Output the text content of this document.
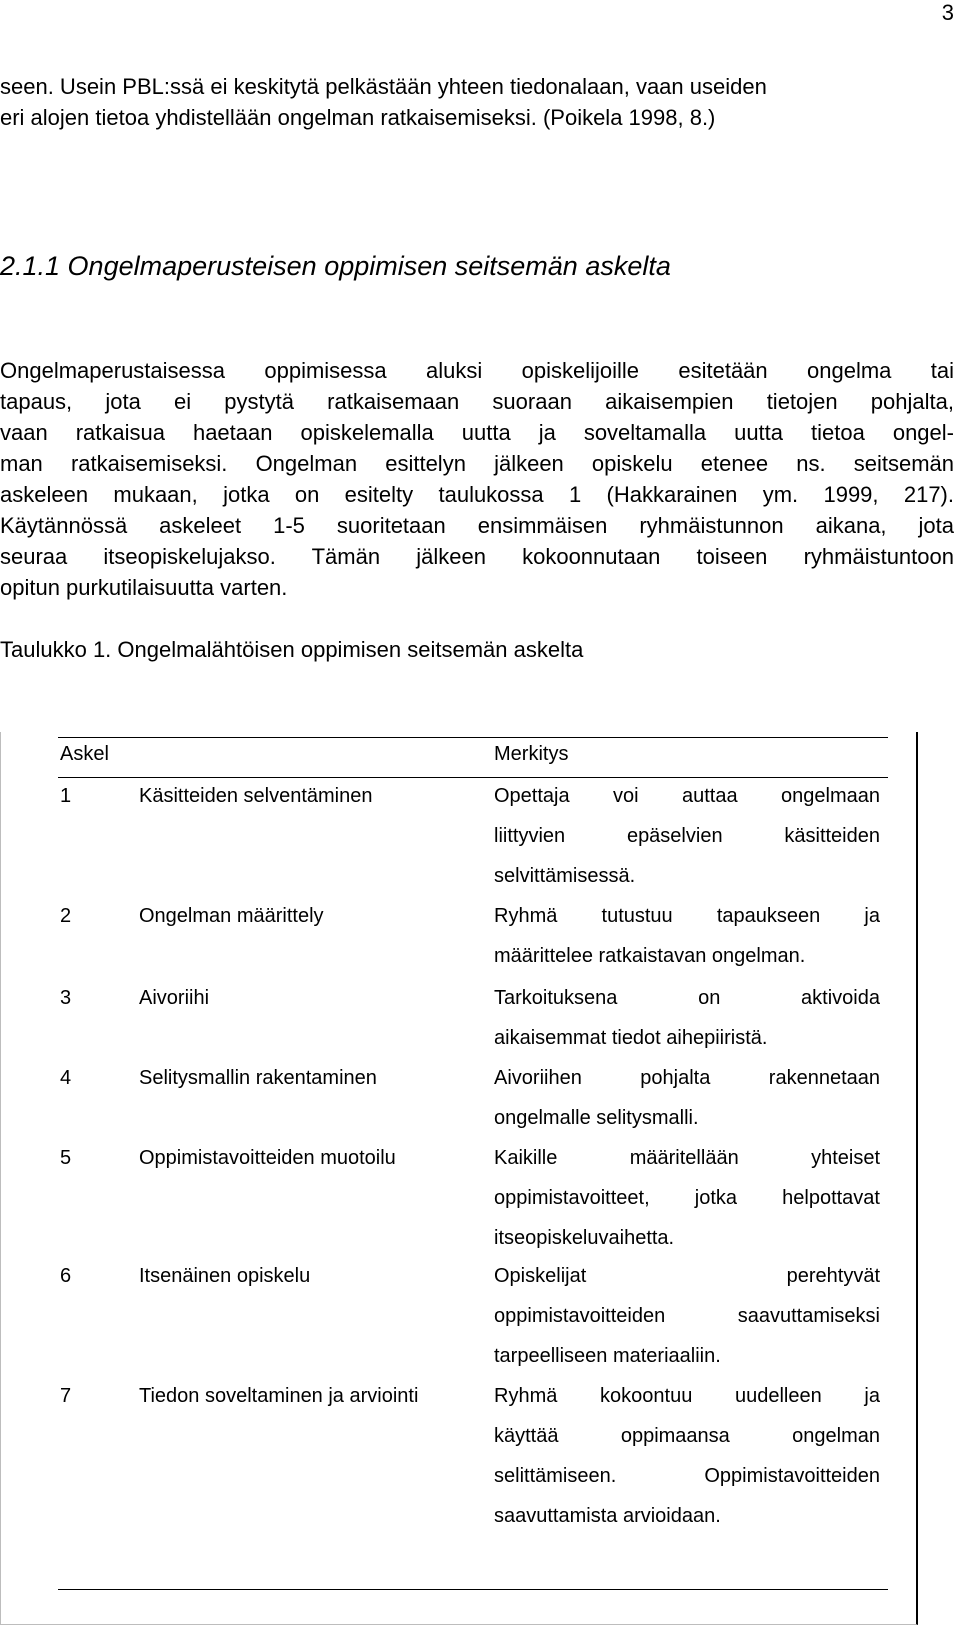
3
seen. Usein PBL:ssä ei keskitytä pelkästään yhteen tiedonalaan, vaan useiden
eri alojen tietoa yhdistellään ongelman ratkaisemiseksi. (Poikela 1998, 8.)
2.1.1 Ongelmaperusteisen oppimisen seitsemän askelta
Ongelmaperustaisessa oppimisessa aluksi opiskelijoille esitetään ongelma tai
tapaus, jota ei pystytä ratkaisemaan suoraan aikaisempien tietojen pohjalta,
vaan ratkaisua haetaan opiskelemalla uutta ja soveltamalla uutta tietoa ongel-
man ratkaisemiseksi. Ongelman esittelyn jälkeen opiskelu etenee ns. seitsemän
askeleen mukaan, jotka on esitelty taulukossa 1 (Hakkarainen ym. 1999, 217).
Käytännössä askeleet 1-5 suoritetaan ensimmäisen ryhmäistunnon aikana, jota
seuraa itseopiskelujakso. Tämän jälkeen kokoonnutaan toiseen ryhmäistuntoon
opitun purkutilaisuutta varten.
Taulukko 1. Ongelmalähtöisen oppimisen seitsemän askelta
Askel	Merkitys
1	Käsitteiden selventäminen	Opettaja voi auttaa ongelmaan
liittyvien epäselvien käsitteiden
selvittämisessä.
2	Ongelman määrittely	Ryhmä tutustuu tapaukseen ja
määrittelee ratkaistavan ongelman.
3	Aivoriihi	Tarkoituksena on aktivoida
aikaisemmat tiedot aihepiiristä.
4	Selitysmallin rakentaminen	Aivoriihen pohjalta rakennetaan
ongelmalle selitysmalli.
5	Oppimistavoitteiden muotoilu	Kaikille määritellään yhteiset
oppimistavoitteet, jotka helpottavat
itseopiskeluvaihetta.
6	Itsenäinen opiskelu	Opiskelijat perehtyvät
oppimistavoitteiden saavuttamiseksi
tarpeelliseen materiaaliin.
7	Tiedon soveltaminen ja arviointi	Ryhmä kokoontuu uudelleen ja
käyttää oppimaansa ongelman
selittämiseen. Oppimistavoitteiden
saavuttamista arvioidaan.
